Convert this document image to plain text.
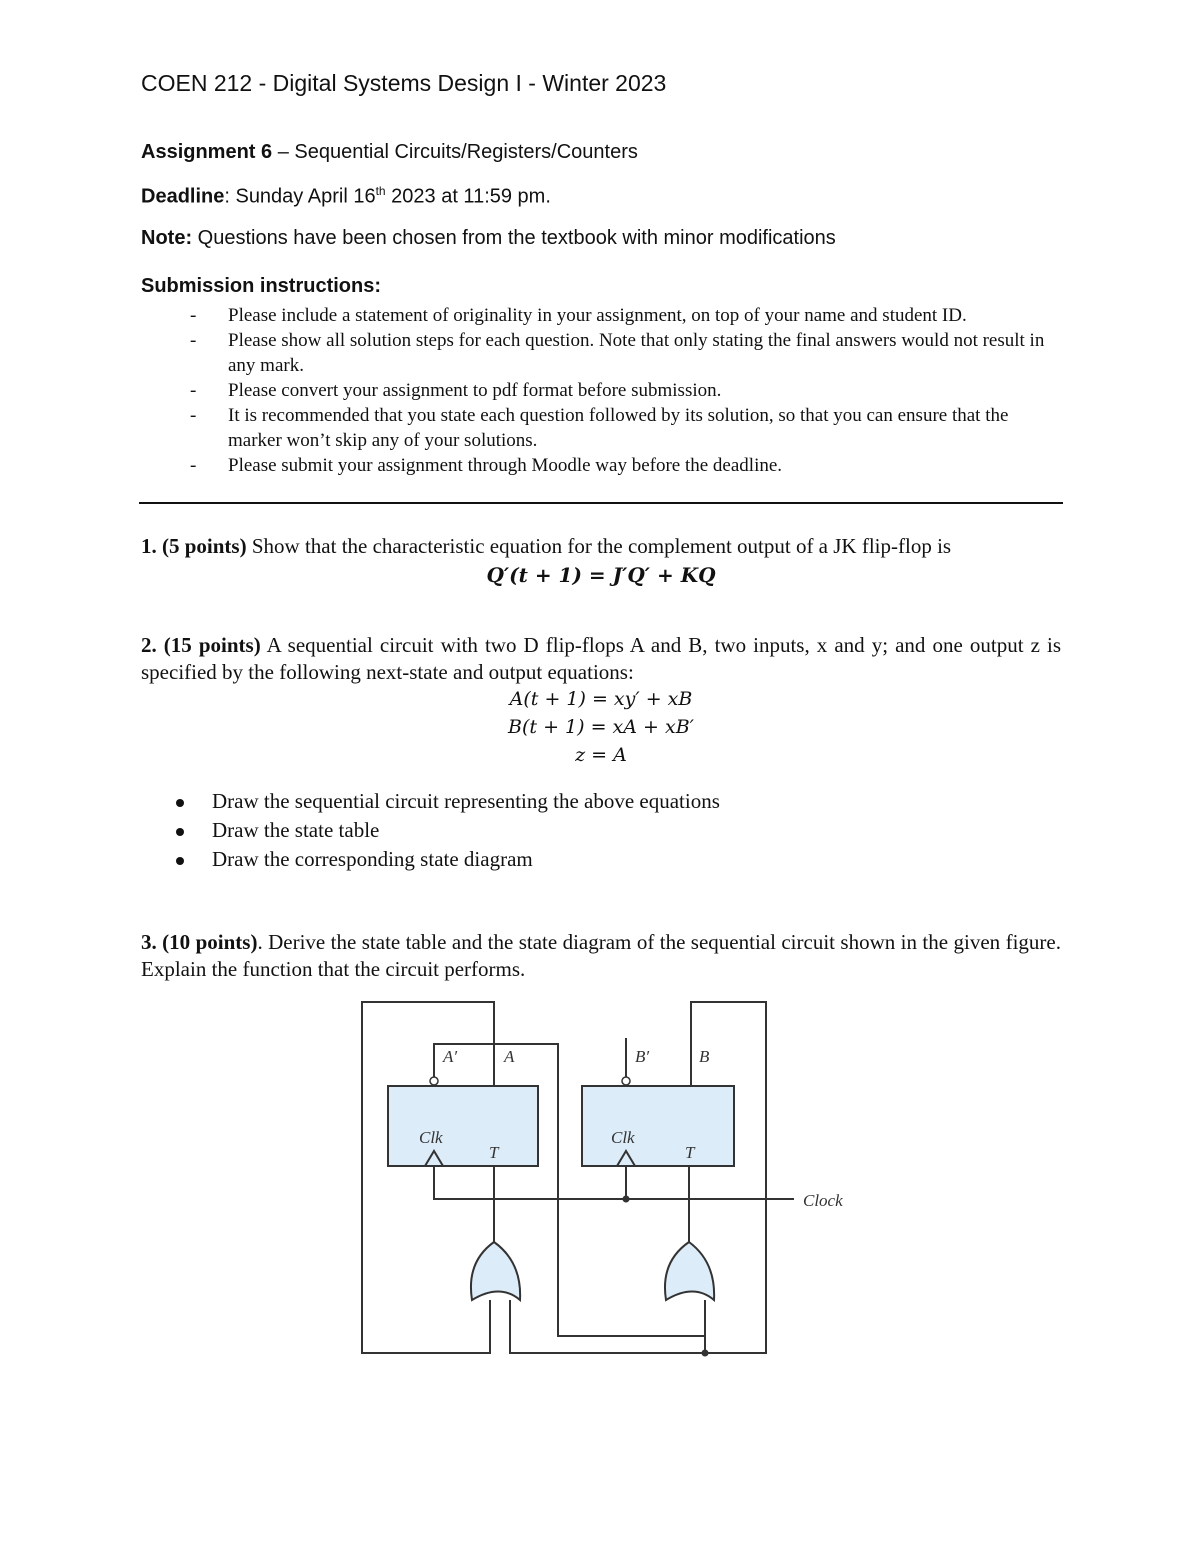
COEN 212 - Digital Systems Design I - Winter 2023
Assignment 6 – Sequential Circuits/Registers/Counters
Deadline: Sunday April 16th 2023 at 11:59 pm.
Note: Questions have been chosen from the textbook with minor modifications
Submission instructions:
- Please include a statement of originality in your assignment, on top of your name and student ID.
- Please show all solution steps for each question. Note that only stating the final answers would not result in any mark.
- Please convert your assignment to pdf format before submission.
- It is recommended that you state each question followed by its solution, so that you can ensure that the marker won’t skip any of your solutions.
- Please submit your assignment through Moodle way before the deadline.
1. (5 points) Show that the characteristic equation for the complement output of a JK flip-flop is
Q′(t + 1) = J′Q′ + KQ
2. (15 points) A sequential circuit with two D flip-flops A and B, two inputs, x and y; and one output z is specified by the following next-state and output equations:
A(t + 1) = xy′ + xB
B(t + 1) = xA + xB′
z = A
Draw the sequential circuit representing the above equations
Draw the state table
Draw the corresponding state diagram
3. (10 points). Derive the state table and the state diagram of the sequential circuit shown in the given figure. Explain the function that the circuit performs.
A′	A	B′	B
Clk
T
Clk
T
Clock
